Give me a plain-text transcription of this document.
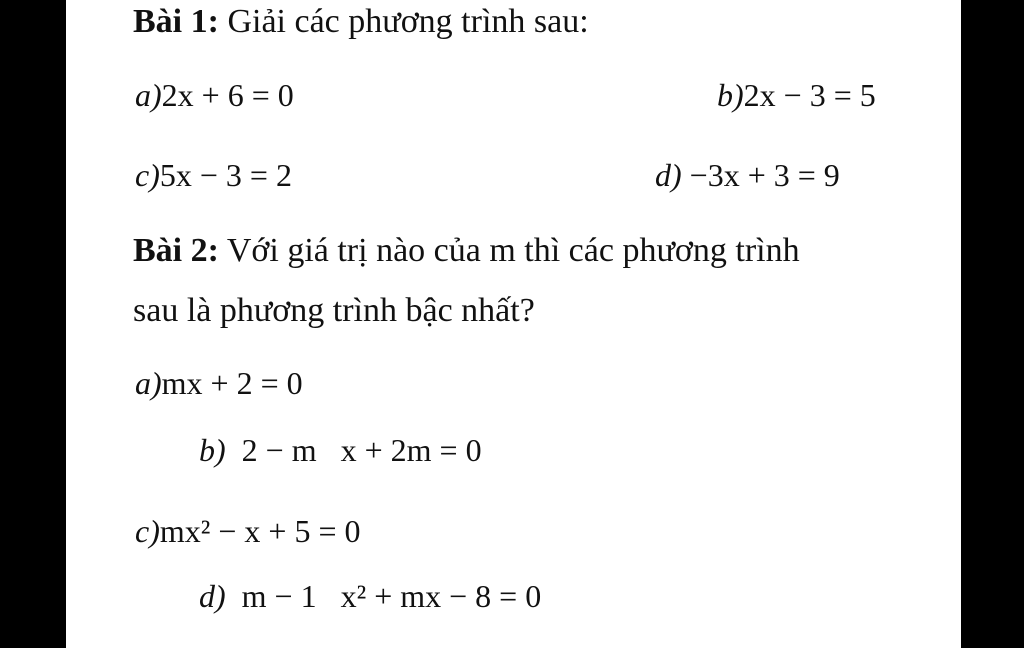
Bài 1: Giải các phương trình sau:
a)2x + 6 = 0	b)2x − 3 = 5
c)5x − 3 = 2	d) −3x + 3 = 9
Bài 2: Với giá trị nào của m thì các phương trình
sau là phương trình bậc nhất?
a)mx + 2 = 0
b) 2 − m   x + 2m = 0
c)mx² − x + 5 = 0
d) m − 1   x² + mx − 8 = 0
